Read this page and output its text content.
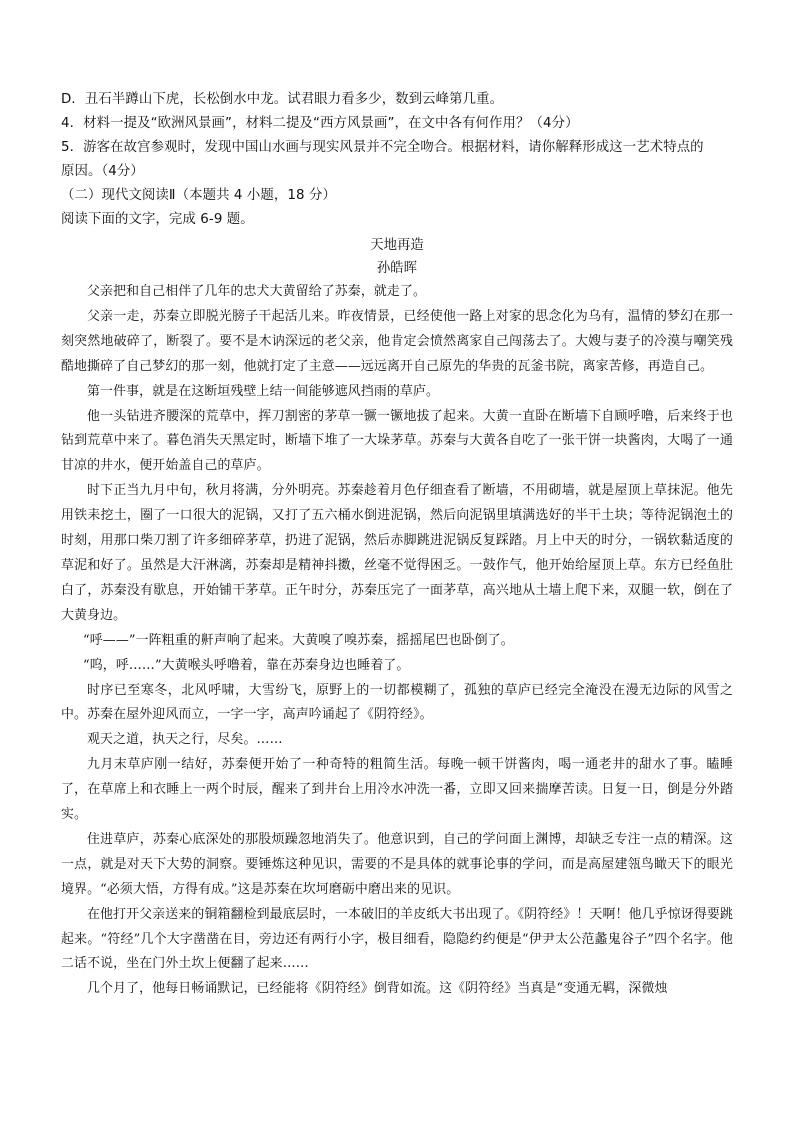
D．丑石半蹲山下虎，长松倒水中龙。试君眼力看多少，数到云峰第几重。

4．材料一提及“欧洲风景画”，材料二提及“西方风景画”，在文中各有何作用？（4分）

5．游客在故宫参观时，发现中国山水画与现实风景并不完全吻合。根据材料，请你解释形成这一艺术特点的

原因。（4分）

（二）现代文阅读Ⅱ（本题共 4 小题，18 分）

阅读下面的文字，完成 6-9 题。

天地再造

孙皓晖

父亲把和自己相伴了几年的忠犬大黄留给了苏秦，就走了。

父亲一走，苏秦立即脱光膀子干起活儿来。昨夜情景，已经使他一路上对家的思念化为乌有，温情的梦幻在那一刻突然地破碎了，断裂了。要不是木讷深远的老父亲，他肯定会愤然离家自己闯荡去了。大嫂与妻子的冷漠与嘲笑残酷地撕碎了自己梦幻的那一刻，他就打定了主意——远远离开自己原先的华贵的瓦釜书院，离家苦修，再造自己。

第一件事，就是在这断垣残壁上结一间能够遮风挡雨的草庐。

他一头钻进齐腰深的荒草中，挥刀割密的茅草一镢一镢地拔了起来。大黄一直卧在断墙下自顾呼噜，后来终于也钻到荒草中来了。暮色消失天黑定时，断墙下堆了一大垛茅草。苏秦与大黄各自吃了一张干饼一块酱肉，大喝了一通甘凉的井水，便开始盖自己的草庐。

时下正当九月中旬，秋月将满，分外明亮。苏秦趁着月色仔细查看了断墙，不用砌墙，就是屋顶上草抹泥。他先用铁耒挖土，圈了一口很大的泥锅，又打了五六桶水倒进泥锅，然后向泥锅里填满选好的半干土块；等待泥锅泡土的时刻，用那口柴刀割了许多细碎茅草，扔进了泥锅，然后赤脚跳进泥锅反复踩踏。月上中天的时分，一锅软黏适度的草泥和好了。虽然是大汗淋漓，苏秦却是精神抖擞，丝毫不觉得困乏。一鼓作气，他开始给屋顶上草。东方已经鱼肚白了，苏秦没有歇息，开始铺干茅草。正午时分，苏秦压完了一面茅草，高兴地从土墙上爬下来，双腿一软，倒在了大黄身边。

“呼——”一阵粗重的鼾声响了起来。大黄嗅了嗅苏秦，摇摇尾巴也卧倒了。

“呜，呼……”大黄喉头呼噜着，靠在苏秦身边也睡着了。

时序已至寒冬，北风呼啸，大雪纷飞，原野上的一切都模糊了，孤独的草庐已经完全淹没在漫无边际的风雪之中。苏秦在屋外迎风而立，一字一字，高声吟诵起了《阴符经》。

观天之道，执天之行，尽矣。……

九月末草庐刚一结好，苏秦便开始了一种奇特的粗简生活。每晚一顿干饼酱肉，喝一通老井的甜水了事。瞌睡了，在草席上和衣睡上一两个时辰，醒来了到井台上用冷水冲洗一番，立即又回来揣摩苦读。日复一日，倒是分外踏实。

住进草庐，苏秦心底深处的那股烦躁忽地消失了。他意识到，自己的学问面上渊博，却缺乏专注一点的精深。这一点，就是对天下大势的洞察。要锤炼这种见识，需要的不是具体的就事论事的学问，而是高屋建瓴鸟瞰天下的眼光境界。“必须大悟，方得有成。”这是苏秦在坎坷磨砺中磨出来的见识。

在他打开父亲送来的铜箱翻检到最底层时，一本破旧的羊皮纸大书出现了。《阴符经》！天啊！他几乎惊讶得要跳起来。“符经”几个大字凿凿在目，旁边还有两行小字，极目细看，隐隐约约便是“伊尹太公范蠡鬼谷子”四个名字。他二话不说，坐在门外土坎上便翻了起来……

几个月了，他每日畅诵默记，已经能将《阴符经》倒背如流。这《阴符经》当真是“变通无羁，深微烛
